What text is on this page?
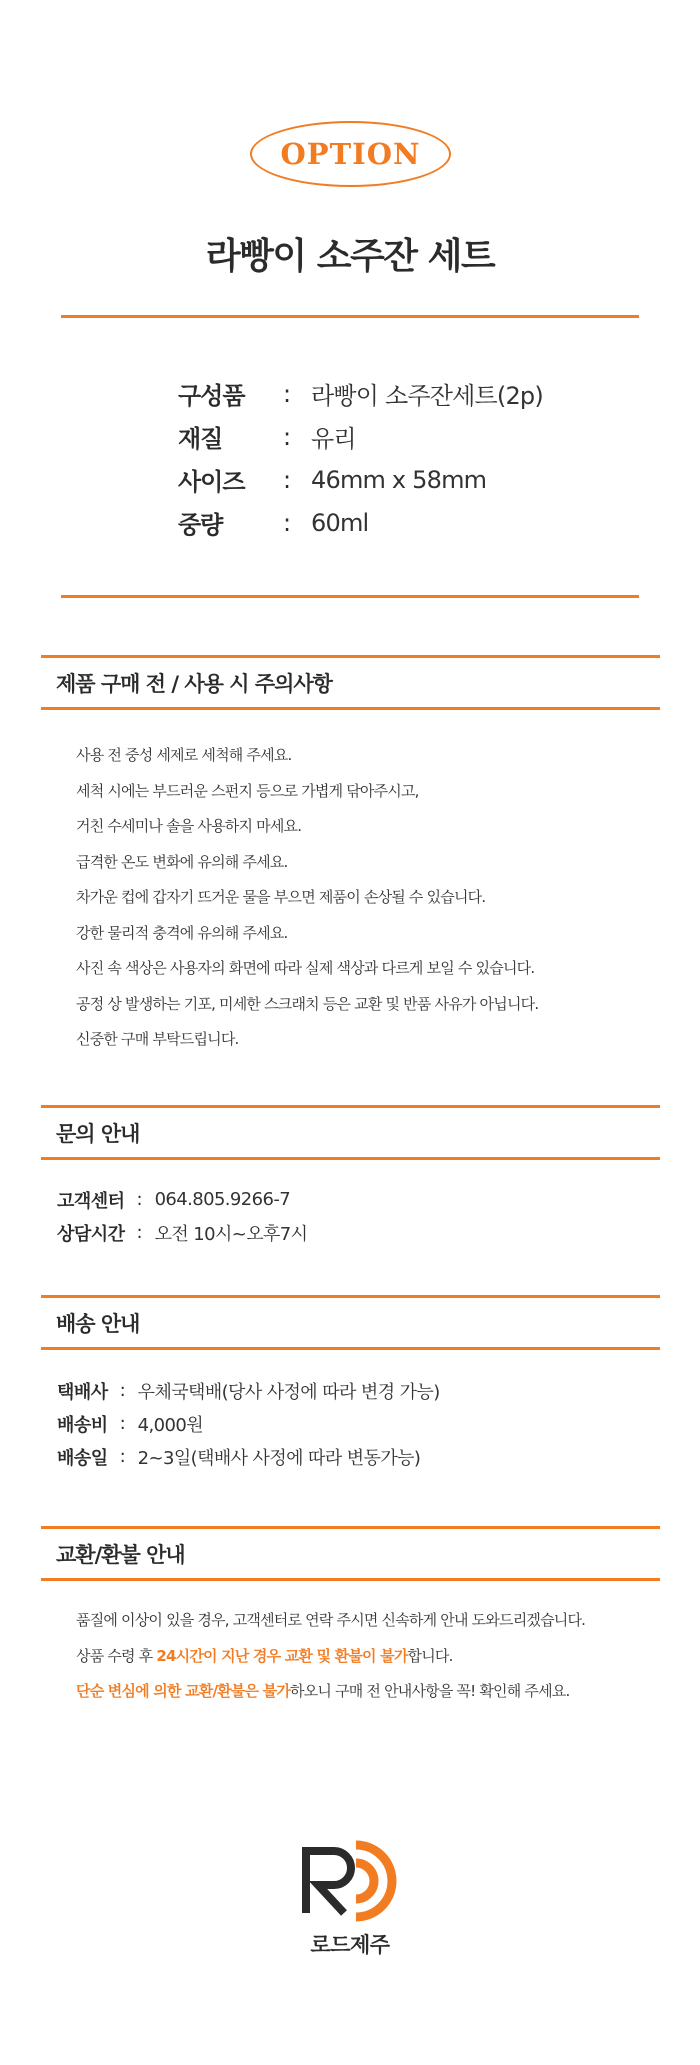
OPTION
라빵이 소주잔 세트
구성품	: 라빵이 소주잔세트(2p)
재질	: 유리
사이즈	: 46mm x 58mm
중량	: 60ml
제품 구매 전 / 사용 시 주의사항

사용 전 중성 세제로 세척해 주세요.

세척 시에는 부드러운 스펀지 등으로 가볍게 닦아주시고,

거친 수세미나 솔을 사용하지 마세요.

급격한 온도 변화에 유의해 주세요.

차가운 컵에 갑자기 뜨거운 물을 부으면 제품이 손상될 수 있습니다.

강한 물리적 충격에 유의해 주세요.

사진 속 색상은 사용자의 화면에 따라 실제 색상과 다르게 보일 수 있습니다.

공정 상 발생하는 기포, 미세한 스크래치 등은 교환 및 반품 사유가 아닙니다.

신중한 구매 부탁드립니다.

문의 안내
고객센터 : 064.805.9266-7
상담시간 : 오전 10시~오후7시
배송 안내
택배사 : 우체국택배(당사 사정에 따라 변경 가능)
배송비 : 4,000원
배송일 : 2~3일(택배사 사정에 따라 변동가능)
교환/환불 안내

품질에 이상이 있을 경우, 고객센터로 연락 주시면 신속하게 안내 도와드리겠습니다.

상품 수령 후 24시간이 지난 경우 교환 및 환불이 불가합니다.

단순 변심에 의한 교환/환불은 불가하오니 구매 전 안내사항을 꼭! 확인해 주세요.

로드제주
